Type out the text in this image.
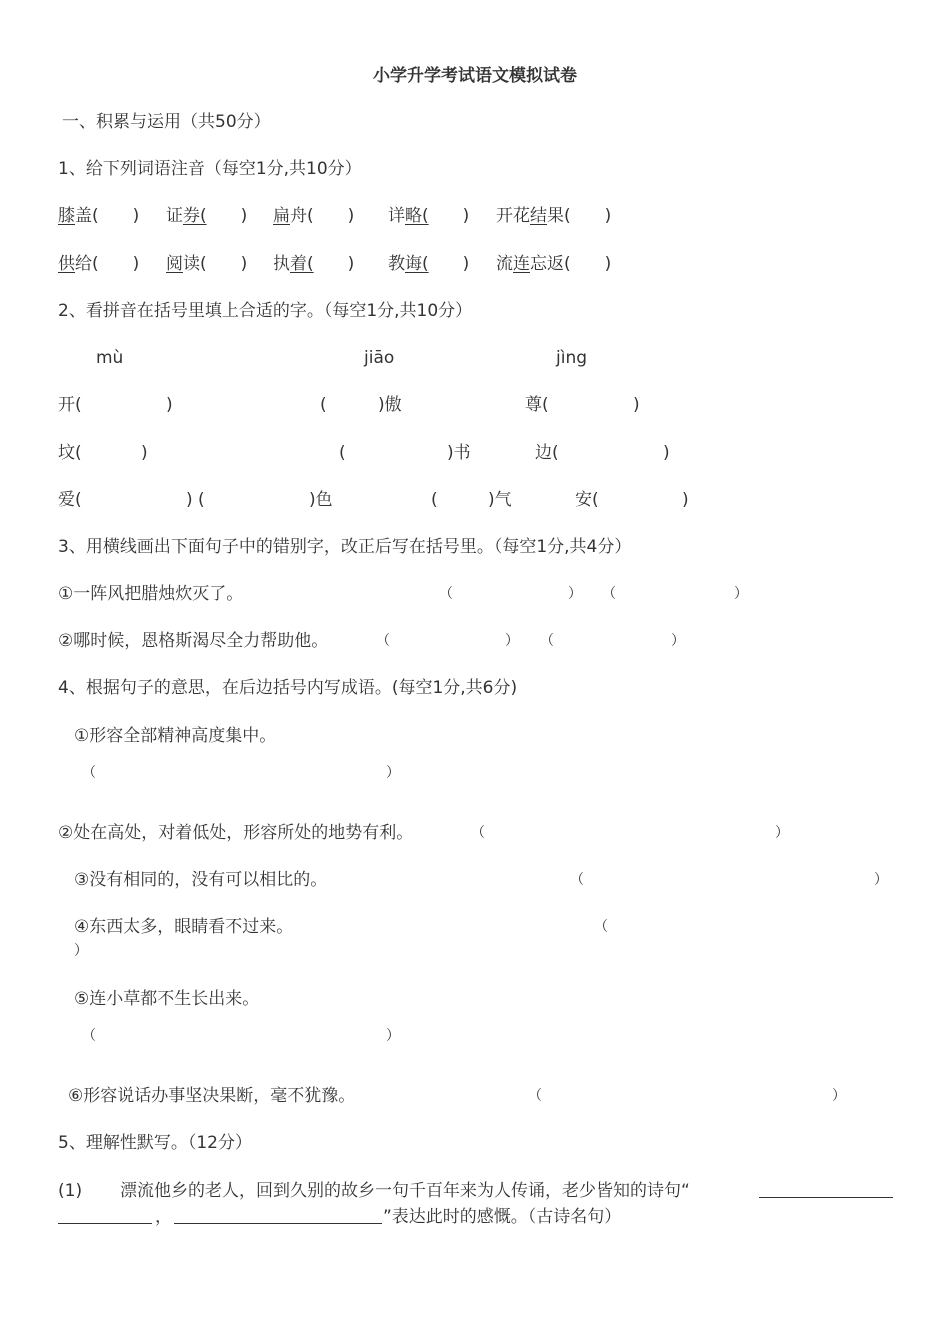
小学升学考试语文模拟试卷
一、积累与运用（共50分）
1、给下列词语注音（每空1分,共10分）
膝盖(　　) 证券(　　) 扁舟(　　) 详略(　　) 开花结果(　　)
供给(　　) 阅读(　　) 执着(　　) 教诲(　　) 流连忘返(　　)
2、看拼音在括号里填上合适的字。（每空1分,共10分）
mù	jiāo	jìng
开(	)	(	)傲	尊(	)
坟(	)	(	)书	边(	)
爱(	) (	)色	(	)气	安(	)
3、用横线画出下面句子中的错别字，改正后写在括号里。（每空1分,共4分）
①一阵风把腊烛炊灭了。	（	） （	）
②哪时候，恩格斯渴尽全力帮助他。	（	） （	）
4、根据句子的意思，在后边括号内写成语。(每空1分,共6分)
①形容全部精神高度集中。
（	）
②处在高处，对着低处，形容所处的地势有利。	（	）
③没有相同的，没有可以相比的。	（	）
④东西太多，眼睛看不过来。	（
）
⑤连小草都不生长出来。
（	）
⑥形容说话办事坚决果断，毫不犹豫。	（	）
5、理解性默写。（12分）
(1) 漂流他乡的老人，回到久别的故乡一句千百年来为人传诵，老少皆知的诗句“
，	”表达此时的感慨。（古诗名句）
